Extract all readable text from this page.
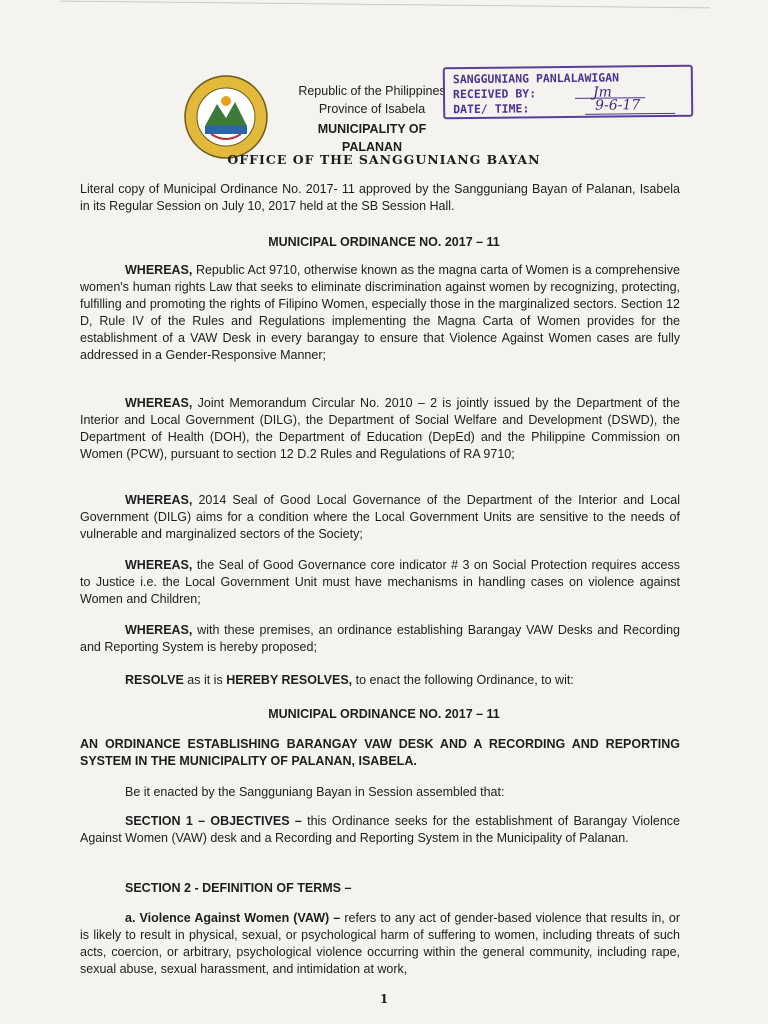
Republic of the Philippines
Province of Isabela
MUNICIPALITY OF PALANAN
SANGGUNIANG PANLALAWIGAN
RECEIVED BY:
DATE/ TIME:
Jm
9-6-17
OFFICE OF THE SANGGUNIANG BAYAN
Literal copy of Municipal Ordinance No. 2017- 11 approved by the Sangguniang Bayan of Palanan, Isabela in its Regular Session on July 10, 2017 held at the SB Session Hall.
MUNICIPAL ORDINANCE NO. 2017 – 11
WHEREAS, Republic Act 9710, otherwise known as the magna carta of Women is a comprehensive women's human rights Law that seeks to eliminate discrimination against women by recognizing, protecting, fulfilling and promoting the rights of Filipino Women, especially those in the marginalized sectors. Section 12 D, Rule IV of the Rules and Regulations implementing the Magna Carta of Women provides for the establishment of a VAW Desk in every barangay to ensure that Violence Against Women cases are fully addressed in a Gender-Responsive Manner;
WHEREAS, Joint Memorandum Circular No. 2010 – 2 is jointly issued by the Department of the Interior and Local Government (DILG), the Department of Social Welfare and Development (DSWD), the Department of Health (DOH), the Department of Education (DepEd) and the Philippine Commission on Women (PCW), pursuant to section 12 D.2 Rules and Regulations of RA 9710;
WHEREAS, 2014 Seal of Good Local Governance of the Department of the Interior and Local Government (DILG) aims for a condition where the Local Government Units are sensitive to the needs of vulnerable and marginalized sectors of the Society;
WHEREAS, the Seal of Good Governance core indicator # 3 on Social Protection requires access to Justice i.e. the Local Government Unit must have mechanisms in handling cases on violence against Women and Children;
WHEREAS, with these premises, an ordinance establishing Barangay VAW Desks and Recording and Reporting System is hereby proposed;
RESOLVE as it is HEREBY RESOLVES, to enact the following Ordinance, to wit:
MUNICIPAL ORDINANCE NO. 2017 – 11
AN ORDINANCE ESTABLISHING BARANGAY VAW DESK AND A RECORDING AND REPORTING SYSTEM IN THE MUNICIPALITY OF PALANAN, ISABELA.
Be it enacted by the Sangguniang Bayan in Session assembled that:
SECTION 1 – OBJECTIVES – this Ordinance seeks for the establishment of Barangay Violence Against Women (VAW) desk and a Recording and Reporting System in the Municipality of Palanan.
SECTION 2 - DEFINITION OF TERMS –
a. Violence Against Women (VAW) – refers to any act of gender-based violence that results in, or is likely to result in physical, sexual, or psychological harm of suffering to women, including threats of such acts, coercion, or arbitrary, psychological violence occurring within the general community, including rape, sexual abuse, sexual harassment, and intimidation at work,
1
